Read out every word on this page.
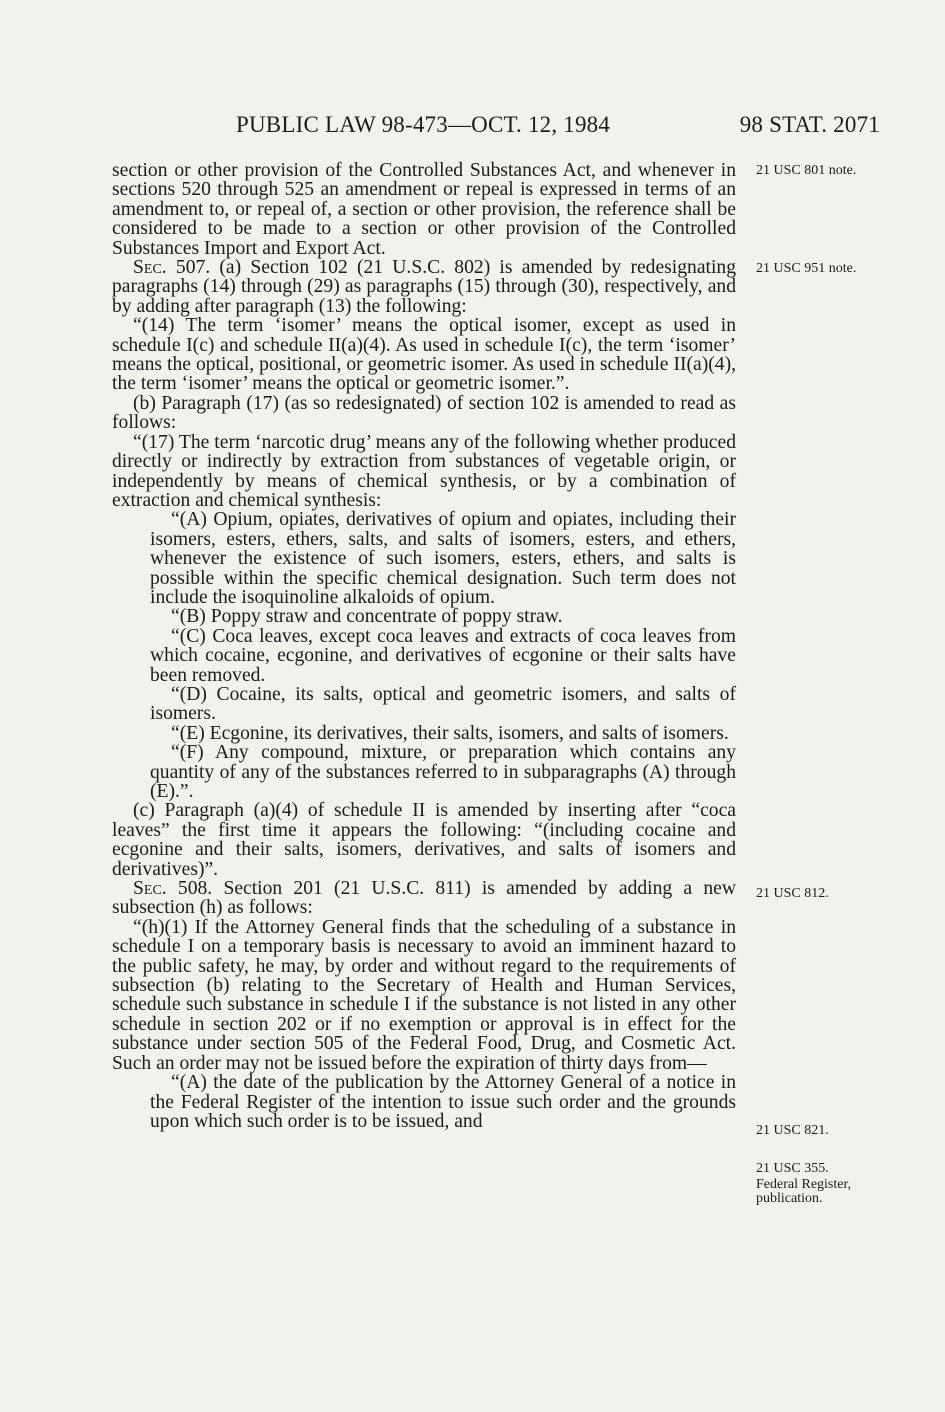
PUBLIC LAW 98-473—OCT. 12, 1984	98 STAT. 2071

section or other provision of the Controlled Substances Act, and whenever in sections 520 through 525 an amendment or repeal is expressed in terms of an amendment to, or repeal of, a section or other provision, the reference shall be considered to be made to a section or other provision of the Controlled Substances Import and Export Act.

Sec. 507. (a) Section 102 (21 U.S.C. 802) is amended by redesignating paragraphs (14) through (29) as paragraphs (15) through (30), respectively, and by adding after paragraph (13) the following:

“(14) The term ‘isomer’ means the optical isomer, except as used in schedule I(c) and schedule II(a)(4). As used in schedule I(c), the term ‘isomer’ means the optical, positional, or geometric isomer. As used in schedule II(a)(4), the term ‘isomer’ means the optical or geometric isomer.”.

(b) Paragraph (17) (as so redesignated) of section 102 is amended to read as follows:

“(17) The term ‘narcotic drug’ means any of the following whether produced directly or indirectly by extraction from substances of vegetable origin, or independently by means of chemical synthesis, or by a combination of extraction and chemical synthesis:

“(A) Opium, opiates, derivatives of opium and opiates, including their isomers, esters, ethers, salts, and salts of isomers, esters, and ethers, whenever the existence of such isomers, esters, ethers, and salts is possible within the specific chemical designation. Such term does not include the isoquinoline alkaloids of opium.

“(B) Poppy straw and concentrate of poppy straw.

“(C) Coca leaves, except coca leaves and extracts of coca leaves from which cocaine, ecgonine, and derivatives of ecgonine or their salts have been removed.

“(D) Cocaine, its salts, optical and geometric isomers, and salts of isomers.

“(E) Ecgonine, its derivatives, their salts, isomers, and salts of isomers.

“(F) Any compound, mixture, or preparation which contains any quantity of any of the substances referred to in subparagraphs (A) through (E).”.

(c) Paragraph (a)(4) of schedule II is amended by inserting after “coca leaves” the first time it appears the following: “(including cocaine and ecgonine and their salts, isomers, derivatives, and salts of isomers and derivatives)”.

Sec. 508. Section 201 (21 U.S.C. 811) is amended by adding a new subsection (h) as follows:

“(h)(1) If the Attorney General finds that the scheduling of a substance in schedule I on a temporary basis is necessary to avoid an imminent hazard to the public safety, he may, by order and without regard to the requirements of subsection (b) relating to the Secretary of Health and Human Services, schedule such substance in schedule I if the substance is not listed in any other schedule in section 202 or if no exemption or approval is in effect for the substance under section 505 of the Federal Food, Drug, and Cosmetic Act. Such an order may not be issued before the expiration of thirty days from—

“(A) the date of the publication by the Attorney General of a notice in the Federal Register of the intention to issue such order and the grounds upon which such order is to be issued, and

21 USC 801 note.
21 USC 951 note.
21 USC 812.
21 USC 821.
21 USC 355.
Federal Register, publication.
